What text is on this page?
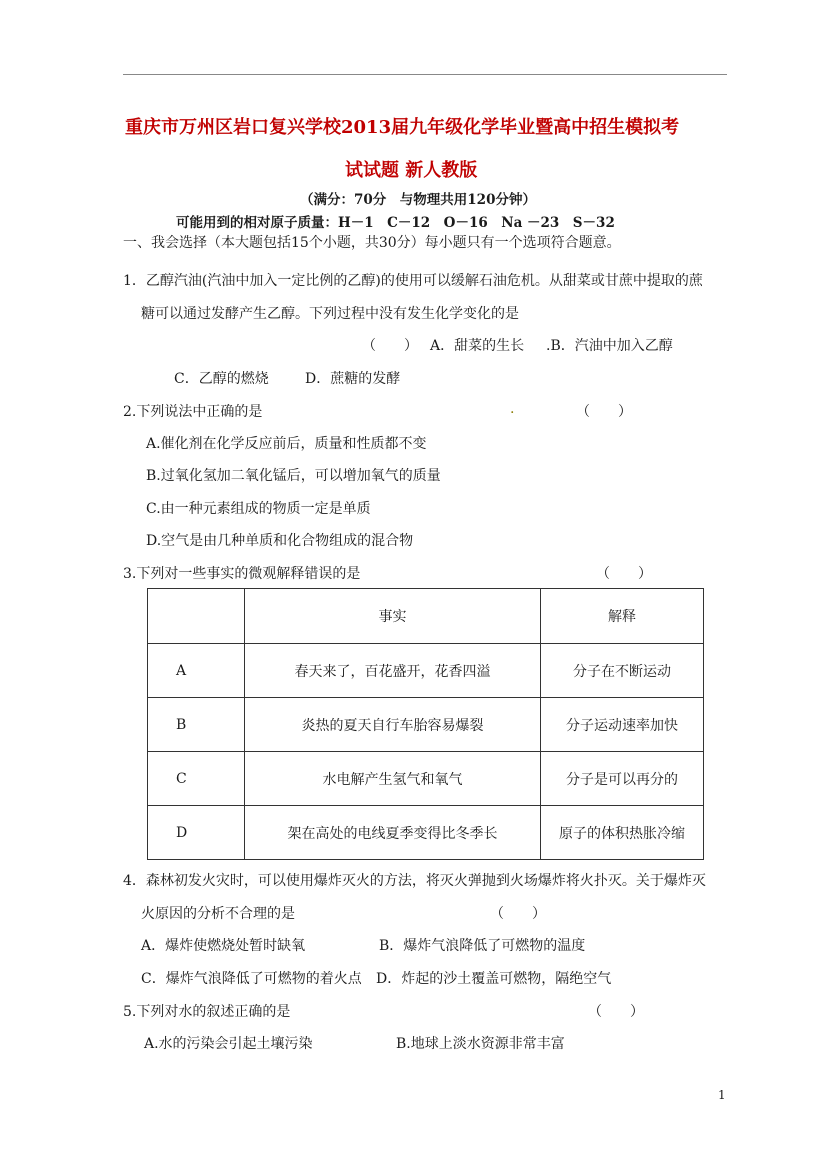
重庆市万州区岩口复兴学校2013届九年级化学毕业暨高中招生模拟考
试试题 新人教版
（满分：70分　与物理共用120分钟）
可能用到的相对原子质量：H－1　C－12　O－16　Na －23　S－32
一、我会选择（本大题包括15个小题，共30分）每小题只有一个选项符合题意。
1．乙醇汽油(汽油中加入一定比例的乙醇)的使用可以缓解石油危机。从甜菜或甘蔗中提取的蔗
糖可以通过发酵产生乙醇。下列过程中没有发生化学变化的是
（　　） A．甜菜的生长 .B．汽油中加入乙醇
C．乙醇的燃烧	D．蔗糖的发酵
2.下列说法中正确的是	.	（　　）
A.催化剂在化学反应前后，质量和性质都不变
B.过氧化氢加二氧化锰后，可以增加氧气的质量
C.由一种元素组成的物质一定是单质
D.空气是由几种单质和化合物组成的混合物
3.下列对一些事实的微观解释错误的是	（　　）
	事实	解释
A	春天来了，百花盛开，花香四溢	分子在不断运动
B	炎热的夏天自行车胎容易爆裂	分子运动速率加快
C	水电解产生氢气和氧气	分子是可以再分的
D	架在高处的电线夏季变得比冬季长	原子的体积热胀冷缩
4．森林初发火灾时，可以使用爆炸灭火的方法，将灭火弹抛到火场爆炸将火扑灭。关于爆炸灭
火原因的分析不合理的是	（　　）
A．爆炸使燃烧处暂时缺氧	B．爆炸气浪降低了可燃物的温度
C．爆炸气浪降低了可燃物的着火点 D．炸起的沙土覆盖可燃物，隔绝空气
5.下列对水的叙述正确的是	（　　）
A.水的污染会引起土壤污染	B.地球上淡水资源非常丰富
1
